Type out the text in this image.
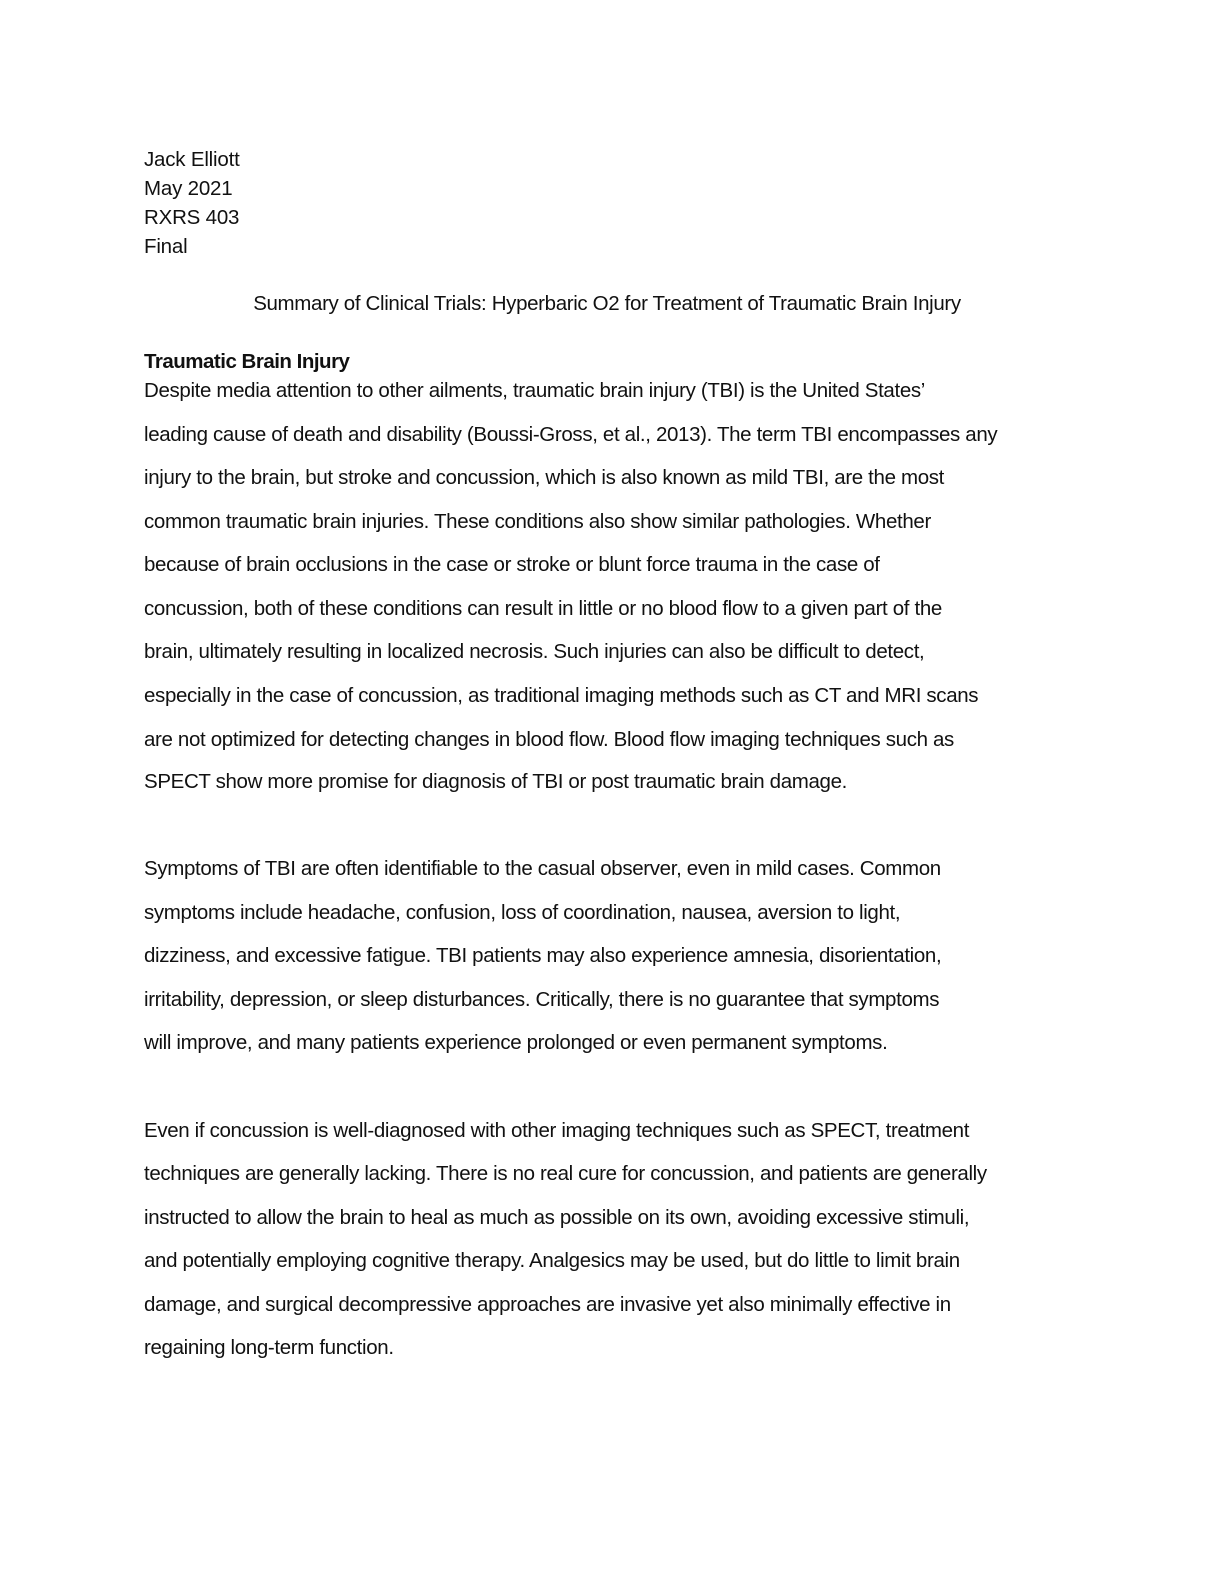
Jack Elliott
May 2021
RXRS 403
Final
Summary of Clinical Trials: Hyperbaric O2 for Treatment of Traumatic Brain Injury
Traumatic Brain Injury
Despite media attention to other ailments, traumatic brain injury (TBI) is the United States’
leading cause of death and disability (Boussi-Gross, et al., 2013). The term TBI encompasses any
injury to the brain, but stroke and concussion, which is also known as mild TBI, are the most
common traumatic brain injuries. These conditions also show similar pathologies. Whether
because of brain occlusions in the case or stroke or blunt force trauma in the case of
concussion, both of these conditions can result in little or no blood flow to a given part of the
brain, ultimately resulting in localized necrosis. Such injuries can also be difficult to detect,
especially in the case of concussion, as traditional imaging methods such as CT and MRI scans
are not optimized for detecting changes in blood flow. Blood flow imaging techniques such as
SPECT show more promise for diagnosis of TBI or post traumatic brain damage.
Symptoms of TBI are often identifiable to the casual observer, even in mild cases. Common
symptoms include headache, confusion, loss of coordination, nausea, aversion to light,
dizziness, and excessive fatigue. TBI patients may also experience amnesia, disorientation,
irritability, depression, or sleep disturbances. Critically, there is no guarantee that symptoms
will improve, and many patients experience prolonged or even permanent symptoms.
Even if concussion is well-diagnosed with other imaging techniques such as SPECT, treatment
techniques are generally lacking. There is no real cure for concussion, and patients are generally
instructed to allow the brain to heal as much as possible on its own, avoiding excessive stimuli,
and potentially employing cognitive therapy. Analgesics may be used, but do little to limit brain
damage, and surgical decompressive approaches are invasive yet also minimally effective in
regaining long-term function.
